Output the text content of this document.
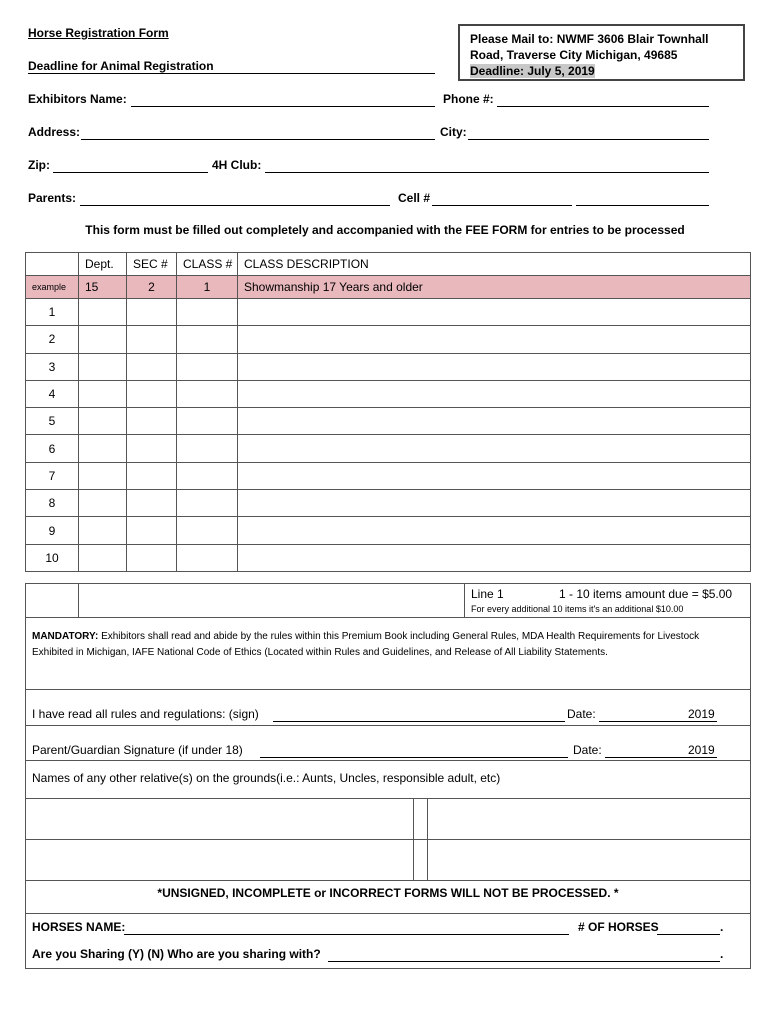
Horse Registration Form
Deadline for Animal Registration
Please Mail to: NWMF 3606 Blair Townhall
Road, Traverse City Michigan, 49685
Deadline: July 5, 2019
Exhibitors Name:	Phone #:
Address:	City:
Zip:	4H Club:
Parents:	Cell #
This form must be filled out completely and accompanied with the FEE FORM for entries to be processed
	Dept.	SEC #	CLASS #	CLASS DESCRIPTION
example	15	2	1	Showmanship 17 Years and older
1				
2				
3				
4				
5				
6				
7				
8				
9				
10				
Line 1	1 - 10 items amount due = $5.00
For every additional 10 items it's an additional $10.00
MANDATORY: Exhibitors shall read and abide by the rules within this Premium Book including General Rules, MDA Health Requirements for Livestock Exhibited in Michigan, IAFE National Code of Ethics (Located within Rules and Guidelines, and Release of All Liability Statements.
I have read all rules and regulations: (sign)	Date:	2019
Parent/Guardian Signature (if under 18)	Date:	2019
Names of any other relative(s) on the grounds(i.e.: Aunts, Uncles, responsible adult, etc)
*UNSIGNED, INCOMPLETE or INCORRECT FORMS WILL NOT BE PROCESSED. *
HORSES NAME:	# OF HORSES	.
Are you Sharing (Y) (N) Who are you sharing with?	.
